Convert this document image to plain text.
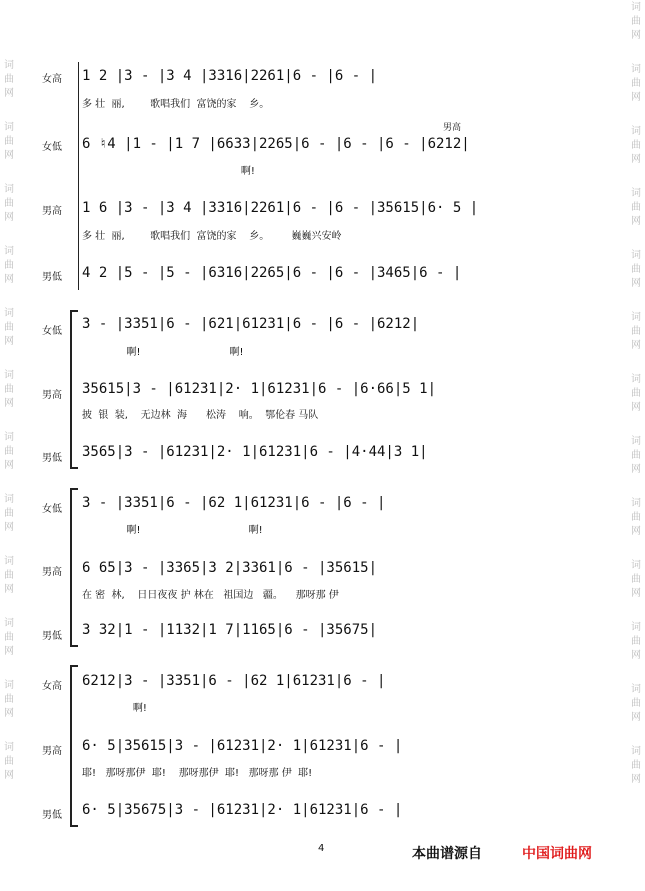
词
曲
网
词
曲
网
词
曲
网
词
曲
网
词
曲
网
词
曲
网
词
曲
网
词
曲
网
词
曲
网
词
曲
网
词
曲
网
词
曲
网
词
曲
网
词
曲
网
词
曲
网
词
曲
网
词
曲
网
词
曲
网
词
曲
网
词
曲
网
词
曲
网
词
曲
网
词
曲
网
词
曲
网
词
曲
网
男高
女高 1 2 |3 - |3 4 |3316|2261|6 - |6 - |
多 壮  丽,        歌唱我们  富饶的家    乡。
女低 6 ♮4 |1 - |1 7 |6633|2265|6 - |6 - |6 - |6212|
啊!
男高 1 6 |3 - |3 4 |3316|2261|6 - |6 - |35615|6· 5 |
多 壮  丽,        歌唱我们  富饶的家    乡。       巍巍兴安岭
男低 4 2 |5 - |5 - |6316|2265|6 - |6 - |3465|6 - |
女低 3 - |3351|6 - |621|61231|6 - |6 - |6212|
啊!                            啊!
男高 35615|3 - |61231|2· 1|61231|6 - |6·66|5 1|
披  银  装,    无边林  海      松涛    响。  鄂伦春 马队
男低 3565|3 - |61231|2· 1|61231|6 - |4·44|3 1|
女低 3 - |3351|6 - |62 1|61231|6 - |6 - |
啊!                                  啊!
男高 6 65|3 - |3365|3 2|3361|6 - |35615|
在 密  林,    日日夜夜 护 林在   祖国边   疆。    那呀那 伊
男低 3 32|1 - |1132|1 7|1165|6 - |35675|
女高 6212|3 - |3351|6 - |62 1|61231|6 - |
啊!
男高 6· 5|35615|3 - |61231|2· 1|61231|6 - |
耶!   那呀那伊  耶!    那呀那伊  耶!   那呀那 伊  耶!
男低 6· 5|35675|3 - |61231|2· 1|61231|6 - |
4	本曲谱源自	中国词曲网
